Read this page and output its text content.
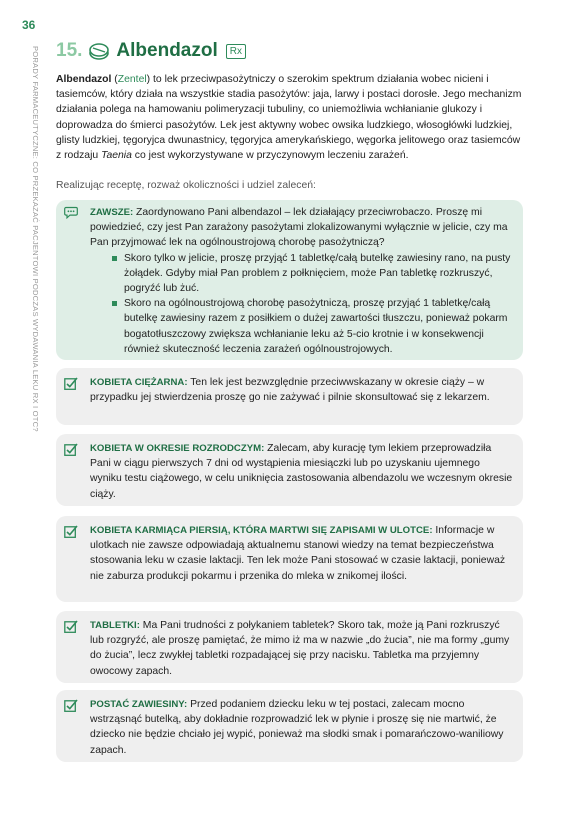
36
PORADY FARMACEUTYCZNE: CO PRZEKAZAĆ PACJENTOWI PODCZAS WYDAWANIA LEKU RX I OTC? 15. Albendazol	Rx
Albendazol (Zentel) to lek przeciwpasożytniczy o szerokim spektrum działania wobec nicieni i tasiemców, który działa na wszystkie stadia pasożytów: jaja, larwy i postaci dorosłe. Jego mechanizm działania polega na hamowaniu polimeryzacji tubuliny, co uniemożliwia wchłanianie glukozy i doprowadza do śmierci pasożytów. Lek jest aktywny wobec owsika ludzkiego, włosogłówki ludzkiej, glisty ludzkiej, tęgoryjca dwunastnicy, tęgoryjca amerykańskiego, węgorka jelitowego oraz tasiemców z rodzaju Taenia co jest wykorzystywane w przyczynowym leczeniu zarażeń.
Realizując receptę, rozważ okoliczności i udziel zaleceń:
ZAWSZE: Zaordynowano Pani albendazol – lek działający przeciwrobaczo. Proszę mi powiedzieć, czy jest Pan zarażony pasożytami zlokalizowanymi wyłącznie w jelicie, czy ma Pan przyjmować lek na ogólnoustrojową chorobę pasożytniczą?
Skoro tylko w jelicie, proszę przyjąć 1 tabletkę/całą butelkę zawiesiny rano, na pusty żołądek. Gdyby miał Pan problem z połknięciem, może Pan tabletkę rozkruszyć, pogryźć lub żuć.
Skoro na ogólnoustrojową chorobę pasożytniczą, proszę przyjąć 1 tabletkę/całą butelkę zawiesiny razem z posiłkiem o dużej zawartości tłuszczu, ponieważ pokarm bogatotłuszczowy zwiększa wchłanianie leku aż 5-cio krotnie i w konsekwencji również skuteczność leczenia zarażeń ogólnoustrojowych.
KOBIETA CIĘŻARNA: Ten lek jest bezwzględnie przeciwwskazany w okresie ciąży – w przypadku jej stwierdzenia proszę go nie zażywać i pilnie skonsultować się z lekarzem.
KOBIETA W OKRESIE ROZRODCZYM: Zalecam, aby kurację tym lekiem przeprowadziła Pani w ciągu pierwszych 7 dni od wystąpienia miesiączki lub po uzyskaniu ujemnego wyniku testu ciążowego, w celu uniknięcia zastosowania albendazolu we wczesnym okresie ciąży.
KOBIETA KARMIĄCA PIERSIĄ, KTÓRA MARTWI SIĘ ZAPISAMI W ULOTCE: Informacje w ulotkach nie zawsze odpowiadają aktualnemu stanowi wiedzy na temat bezpieczeństwa stosowania leku w czasie laktacji. Ten lek może Pani stosować w czasie laktacji, ponieważ nie zaburza produkcji pokarmu i przenika do mleka w znikomej ilości.
TABLETKI: Ma Pani trudności z połykaniem tabletek? Skoro tak, może ją Pani rozkruszyć lub rozgryźć, ale proszę pamiętać, że mimo iż ma w nazwie „do żucia”, nie ma formy „gumy do żucia”, lecz zwykłej tabletki rozpadającej się przy nacisku. Tabletka ma przyjemny owocowy zapach.
POSTAĆ ZAWIESINY: Przed podaniem dziecku leku w tej postaci, zalecam mocno wstrząsnąć butelką, aby dokładnie rozprowadzić lek w płynie i proszę się nie martwić, że dziecko nie będzie chciało jej wypić, ponieważ ma słodki smak i pomarańczowo-waniliowy zapach.
